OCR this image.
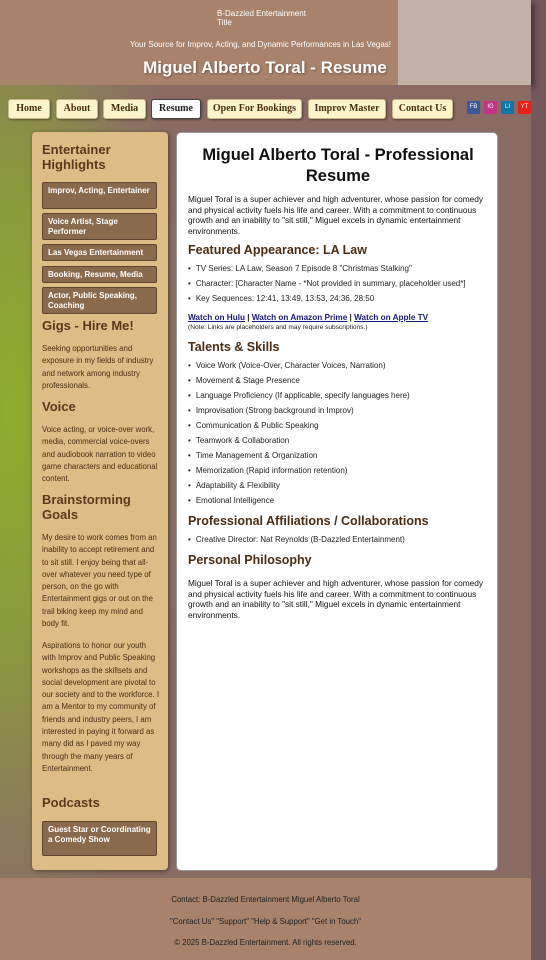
B-Dazzled Entertainment
Title
Your Source for Improv, Acting, and Dynamic Performances in Las Vegas!
Miguel Alberto Toral - Resume
Home	About	Media	Resume	Open For Bookings	Improv Master	Contact Us	FB	IG	LI	YT
Entertainer Highlights
Improv, Acting, Entertainer
Voice Artist, Stage Performer
Las Vegas Entertainment
Booking, Resume, Media
Actor, Public Speaking, Coaching
Gigs - Hire Me!
Seeking opportunities and exposure in my fields of industry and network among industry professionals.
Voice
Voice acting, or voice-over work, media, commercial voice-overs and audiobook narration to video game characters and educational content.
Brainstorming Goals
My desire to work comes from an inability to accept retirement and to sit still. I enjoy being that all-over whatever you need type of person, on the go with Entertainment gigs or out on the trail biking keep my mind and body fit.
Aspirations to honor our youth with Improv and Public Speaking workshops as the skillsets and social development are pivotal to our society and to the workforce. I am a Mentor to my community of friends and industry peers, I am interested in paying it forward as many did as I paved my way through the many years of Entertainment.
Podcasts
Guest Star or Coordinating a Comedy Show
Miguel Alberto Toral - Professional Resume
Miguel Toral is a super achiever and high adventurer, whose passion for comedy and physical activity fuels his life and career. With a commitment to continuous growth and an inability to "sit still," Miguel excels in dynamic entertainment environments.
Featured Appearance: LA Law
• TV Series: LA Law, Season 7 Episode 8 "Christmas Stalking"
• Character: [Character Name - *Not provided in summary, placeholder used*]
• Key Sequences: 12:41, 13:49, 13:53, 24:36, 28:50
Watch on Hulu | Watch on Amazon Prime | Watch on Apple TV
(Note: Links are placeholders and may require subscriptions.)
Talents & Skills
• Voice Work (Voice-Over, Character Voices, Narration)
• Movement & Stage Presence
• Language Proficiency (If applicable, specify languages here)
• Improvisation (Strong background in Improv)
• Communication & Public Speaking
• Teamwork & Collaboration
• Time Management & Organization
• Memorization (Rapid information retention)
• Adaptability & Flexibility
• Emotional Intelligence
Professional Affiliations / Collaborations
• Creative Director: Nat Reynolds (B-Dazzled Entertainment)
Personal Philosophy
Miguel Toral is a super achiever and high adventurer, whose passion for comedy and physical activity fuels his life and career. With a commitment to continuous growth and an inability to "sit still," Miguel excels in dynamic entertainment environments.
Contact: B-Dazzled Entertainment Miguel Alberto Toral
"Contact Us" "Support" "Help & Support" "Get in Touch"
© 2025 B-Dazzled Entertainment. All rights reserved.
